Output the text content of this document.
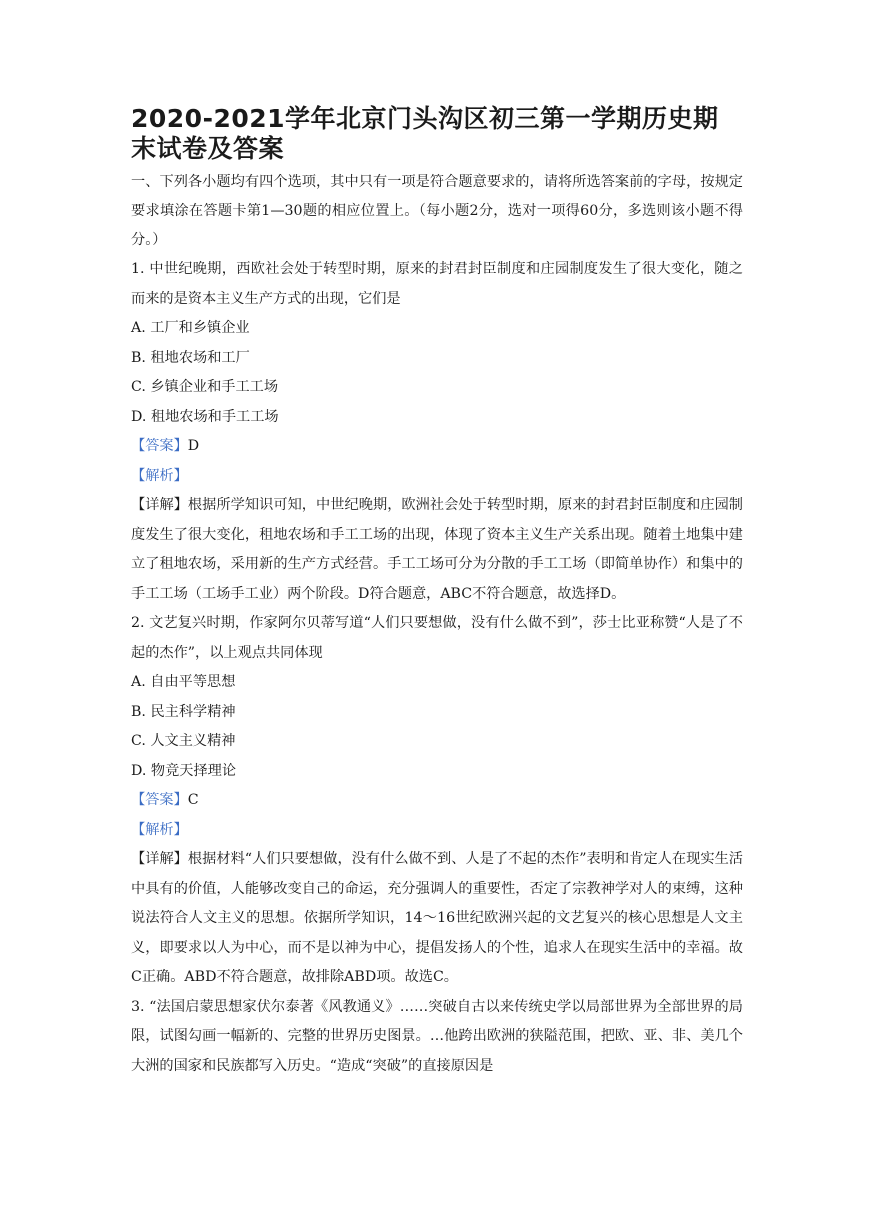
2020-2021学年北京门头沟区初三第一学期历史期末试卷及答案

一、下列各小题均有四个选项，其中只有一项是符合题意要求的，请将所选答案前的字母，按规定要求填涂在答题卡第1—30题的相应位置上。（每小题2分，选对一项得60分，多选则该小题不得分。）

1. 中世纪晚期，西欧社会处于转型时期，原来的封君封臣制度和庄园制度发生了很大变化，随之而来的是资本主义生产方式的出现，它们是

A. 工厂和乡镇企业

B. 租地农场和工厂

C. 乡镇企业和手工工场

D. 租地农场和手工工场

【答案】D

【解析】

【详解】根据所学知识可知，中世纪晚期，欧洲社会处于转型时期，原来的封君封臣制度和庄园制度发生了很大变化，租地农场和手工工场的出现，体现了资本主义生产关系出现。随着土地集中建立了租地农场，采用新的生产方式经营。手工工场可分为分散的手工工场（即简单协作）和集中的手工工场（工场手工业）两个阶段。D符合题意，ABC不符合题意，故选择D。

2. 文艺复兴时期，作家阿尔贝蒂写道“人们只要想做，没有什么做不到”，莎士比亚称赞“人是了不起的杰作”，以上观点共同体现

A. 自由平等思想

B. 民主科学精神

C. 人文主义精神

D. 物竞天择理论

【答案】C

【解析】

【详解】根据材料“人们只要想做，没有什么做不到、人是了不起的杰作”表明和肯定人在现实生活中具有的价值，人能够改变自己的命运，充分强调人的重要性，否定了宗教神学对人的束缚，这种说法符合人文主义的思想。依据所学知识，14～16世纪欧洲兴起的文艺复兴的核心思想是人文主义，即要求以人为中心，而不是以神为中心，提倡发扬人的个性，追求人在现实生活中的幸福。故C正确。ABD不符合题意，故排除ABD项。故选C。

3. “法国启蒙思想家伏尔泰著《风教通义》……突破自古以来传统史学以局部世界为全部世界的局限，试图勾画一幅新的、完整的世界历史图景。…他跨出欧洲的狭隘范围，把欧、亚、非、美几个大洲的国家和民族都写入历史。“造成“突破”的直接原因是
